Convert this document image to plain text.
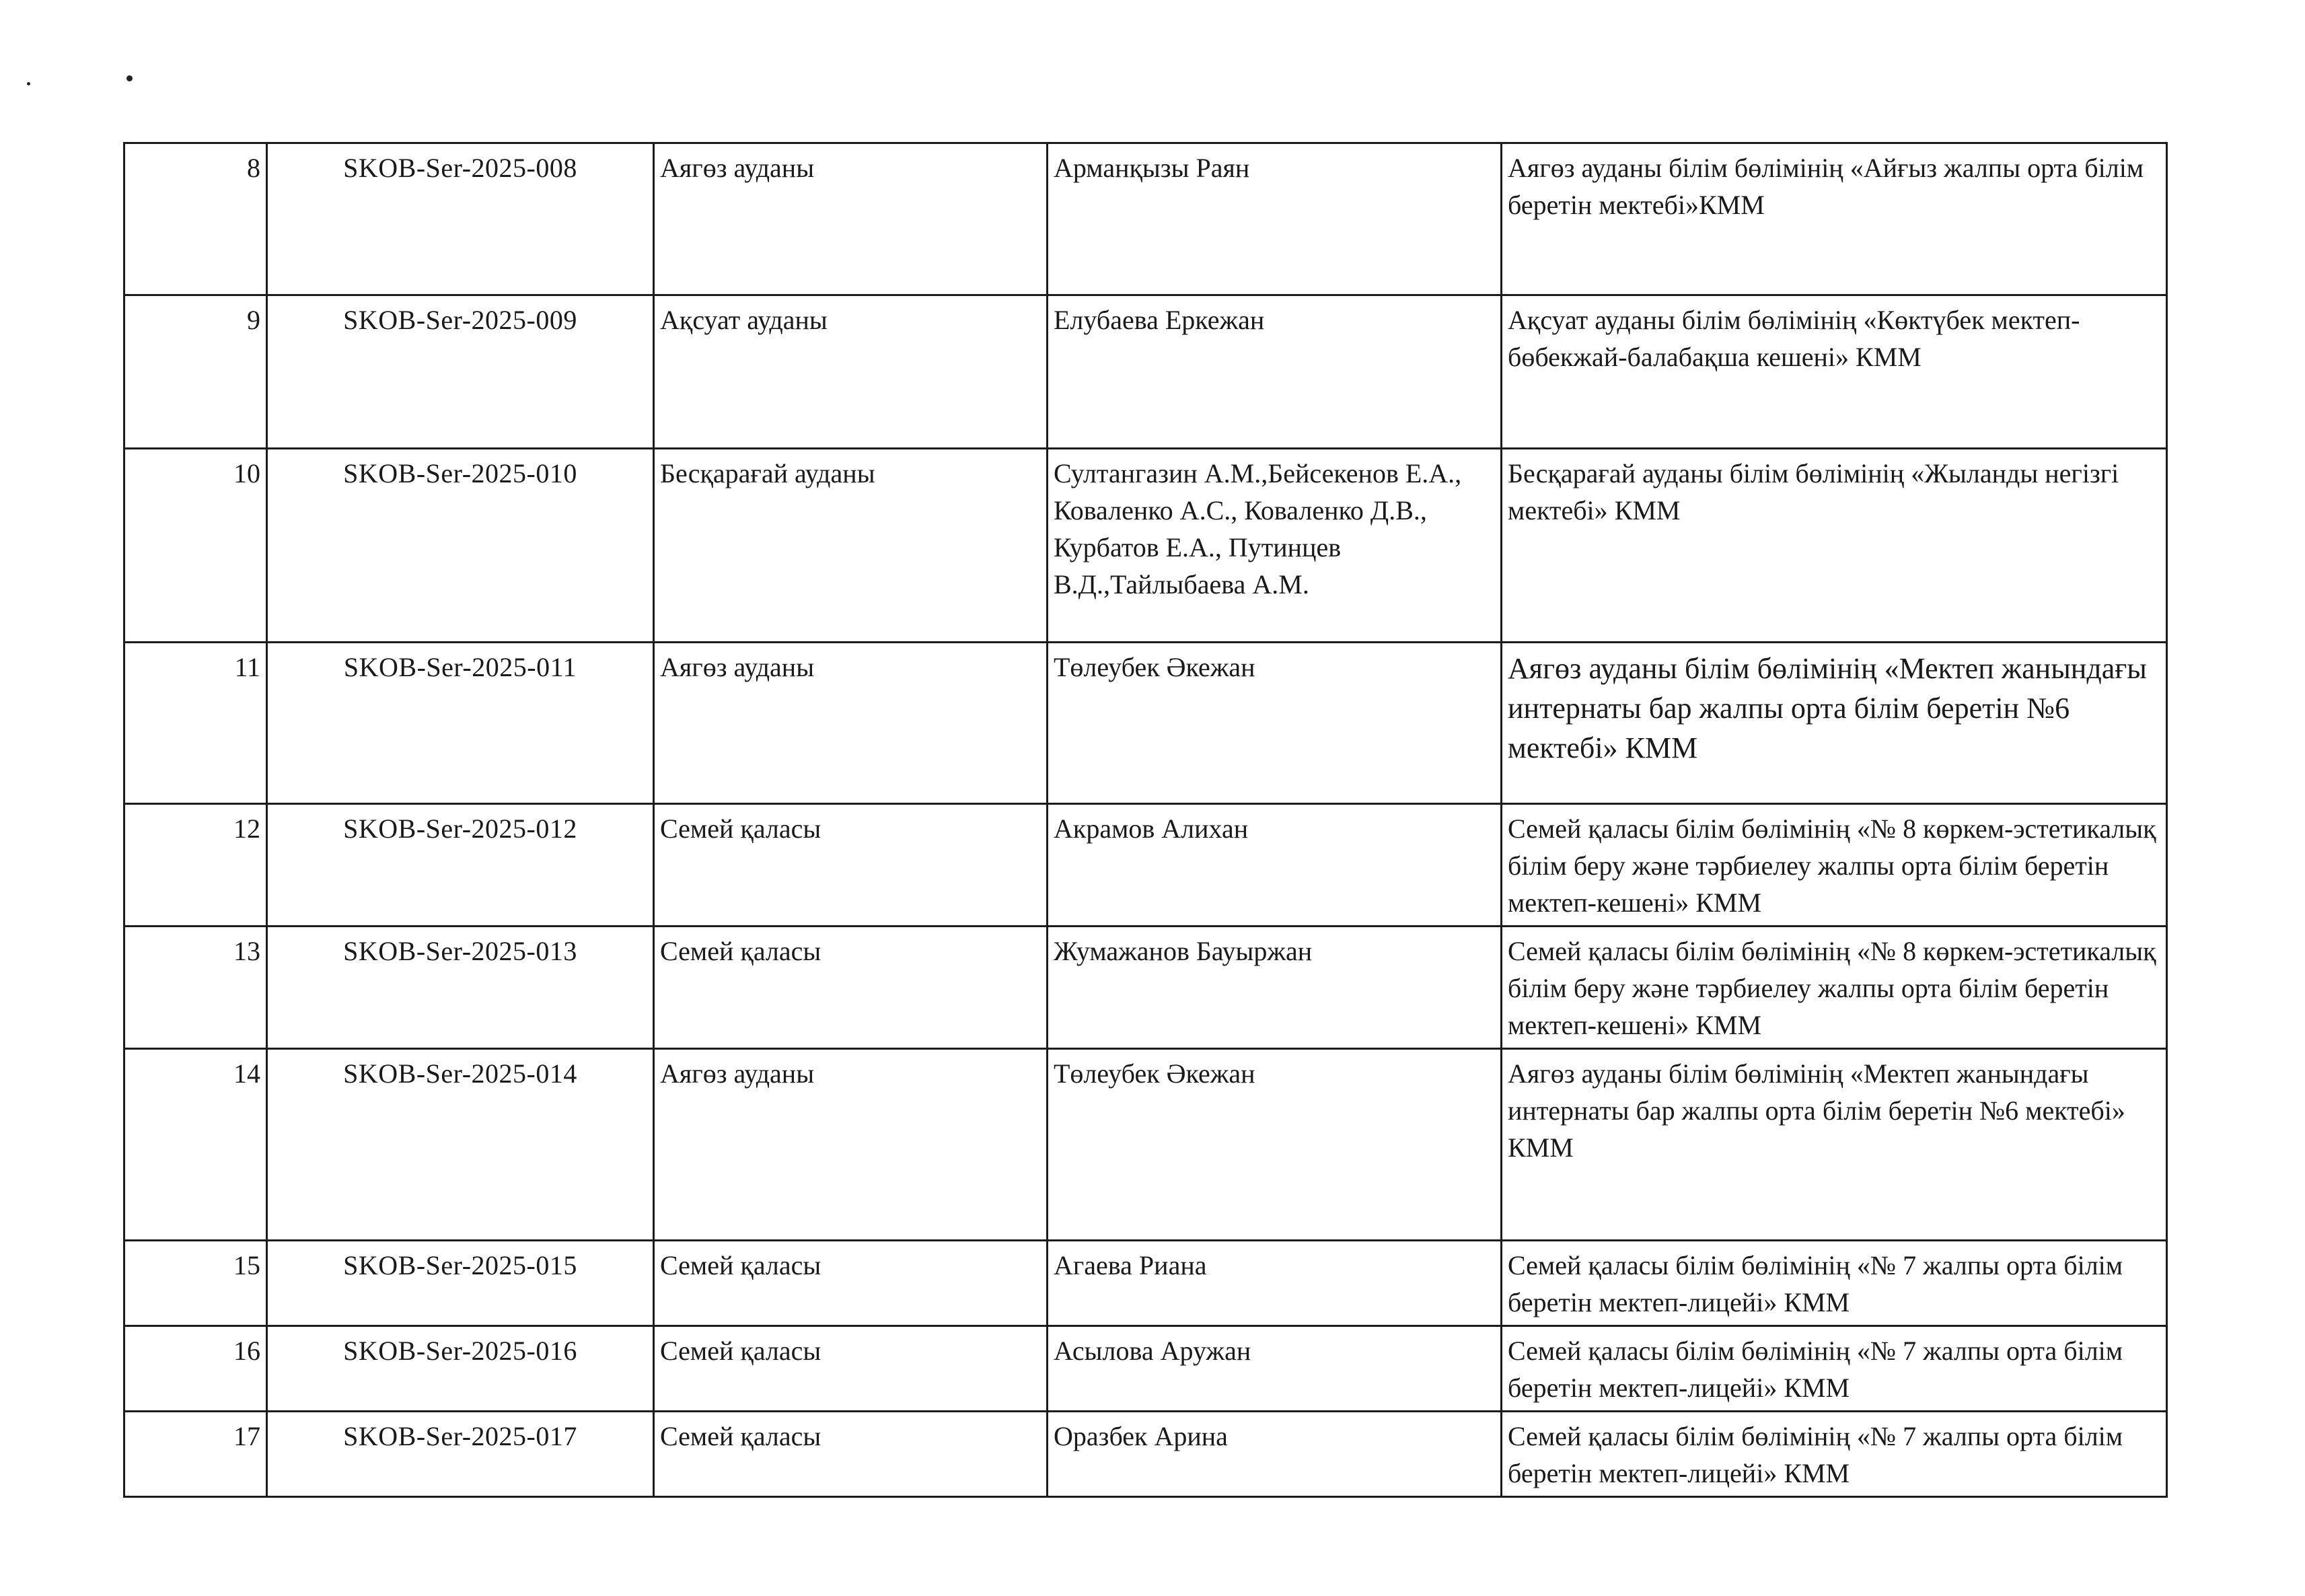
8	SKOB-Ser-2025-008	Аягөз ауданы	Арманқызы Раян	Аягөз ауданы білім бөлімінің «Айғыз жалпы орта білім беретін мектебі»КММ
9	SKOB-Ser-2025-009	Ақсуат ауданы	Елубаева Еркежан	Ақсуат ауданы білім бөлімінің «Көктүбек мектеп-бөбекжай-балабақша кешені» КММ
10	SKOB-Ser-2025-010	Бесқарағай ауданы	Султангазин А.М.,Бейсекенов Е.А., Коваленко А.С., Коваленко Д.В., Курбатов Е.А., Путинцев В.Д.,Тайлыбаева А.М.	Бесқарағай ауданы білім бөлімінің «Жыланды негізгі мектебі» КММ
11	SKOB-Ser-2025-011	Аягөз ауданы	Төлеубек Әкежан	Аягөз ауданы білім бөлімінің «Мектеп жанындағы интернаты бар жалпы орта білім беретін №6 мектебі» КММ
12	SKOB-Ser-2025-012	Семей қаласы	Акрамов Алихан	Семей қаласы білім бөлімінің «№ 8 көркем-эстетикалық білім беру және тәрбиелеу жалпы орта білім беретін мектеп-кешені» КММ
13	SKOB-Ser-2025-013	Семей қаласы	Жумажанов Бауыржан	Семей қаласы білім бөлімінің «№ 8 көркем-эстетикалық білім беру және тәрбиелеу жалпы орта білім беретін мектеп-кешені» КММ
14	SKOB-Ser-2025-014	Аягөз ауданы	Төлеубек Әкежан	Аягөз ауданы білім бөлімінің «Мектеп жанындағы интернаты бар жалпы орта білім беретін №6 мектебі» КММ
15	SKOB-Ser-2025-015	Семей қаласы	Агаева Риана	Семей қаласы білім бөлімінің «№ 7 жалпы орта білім беретін мектеп-лицейі» КММ
16	SKOB-Ser-2025-016	Семей қаласы	Асылова Аружан	Семей қаласы білім бөлімінің «№ 7 жалпы орта білім беретін мектеп-лицейі» КММ
17	SKOB-Ser-2025-017	Семей қаласы	Оразбек Арина	Семей қаласы білім бөлімінің «№ 7 жалпы орта білім беретін мектеп-лицейі» КММ
